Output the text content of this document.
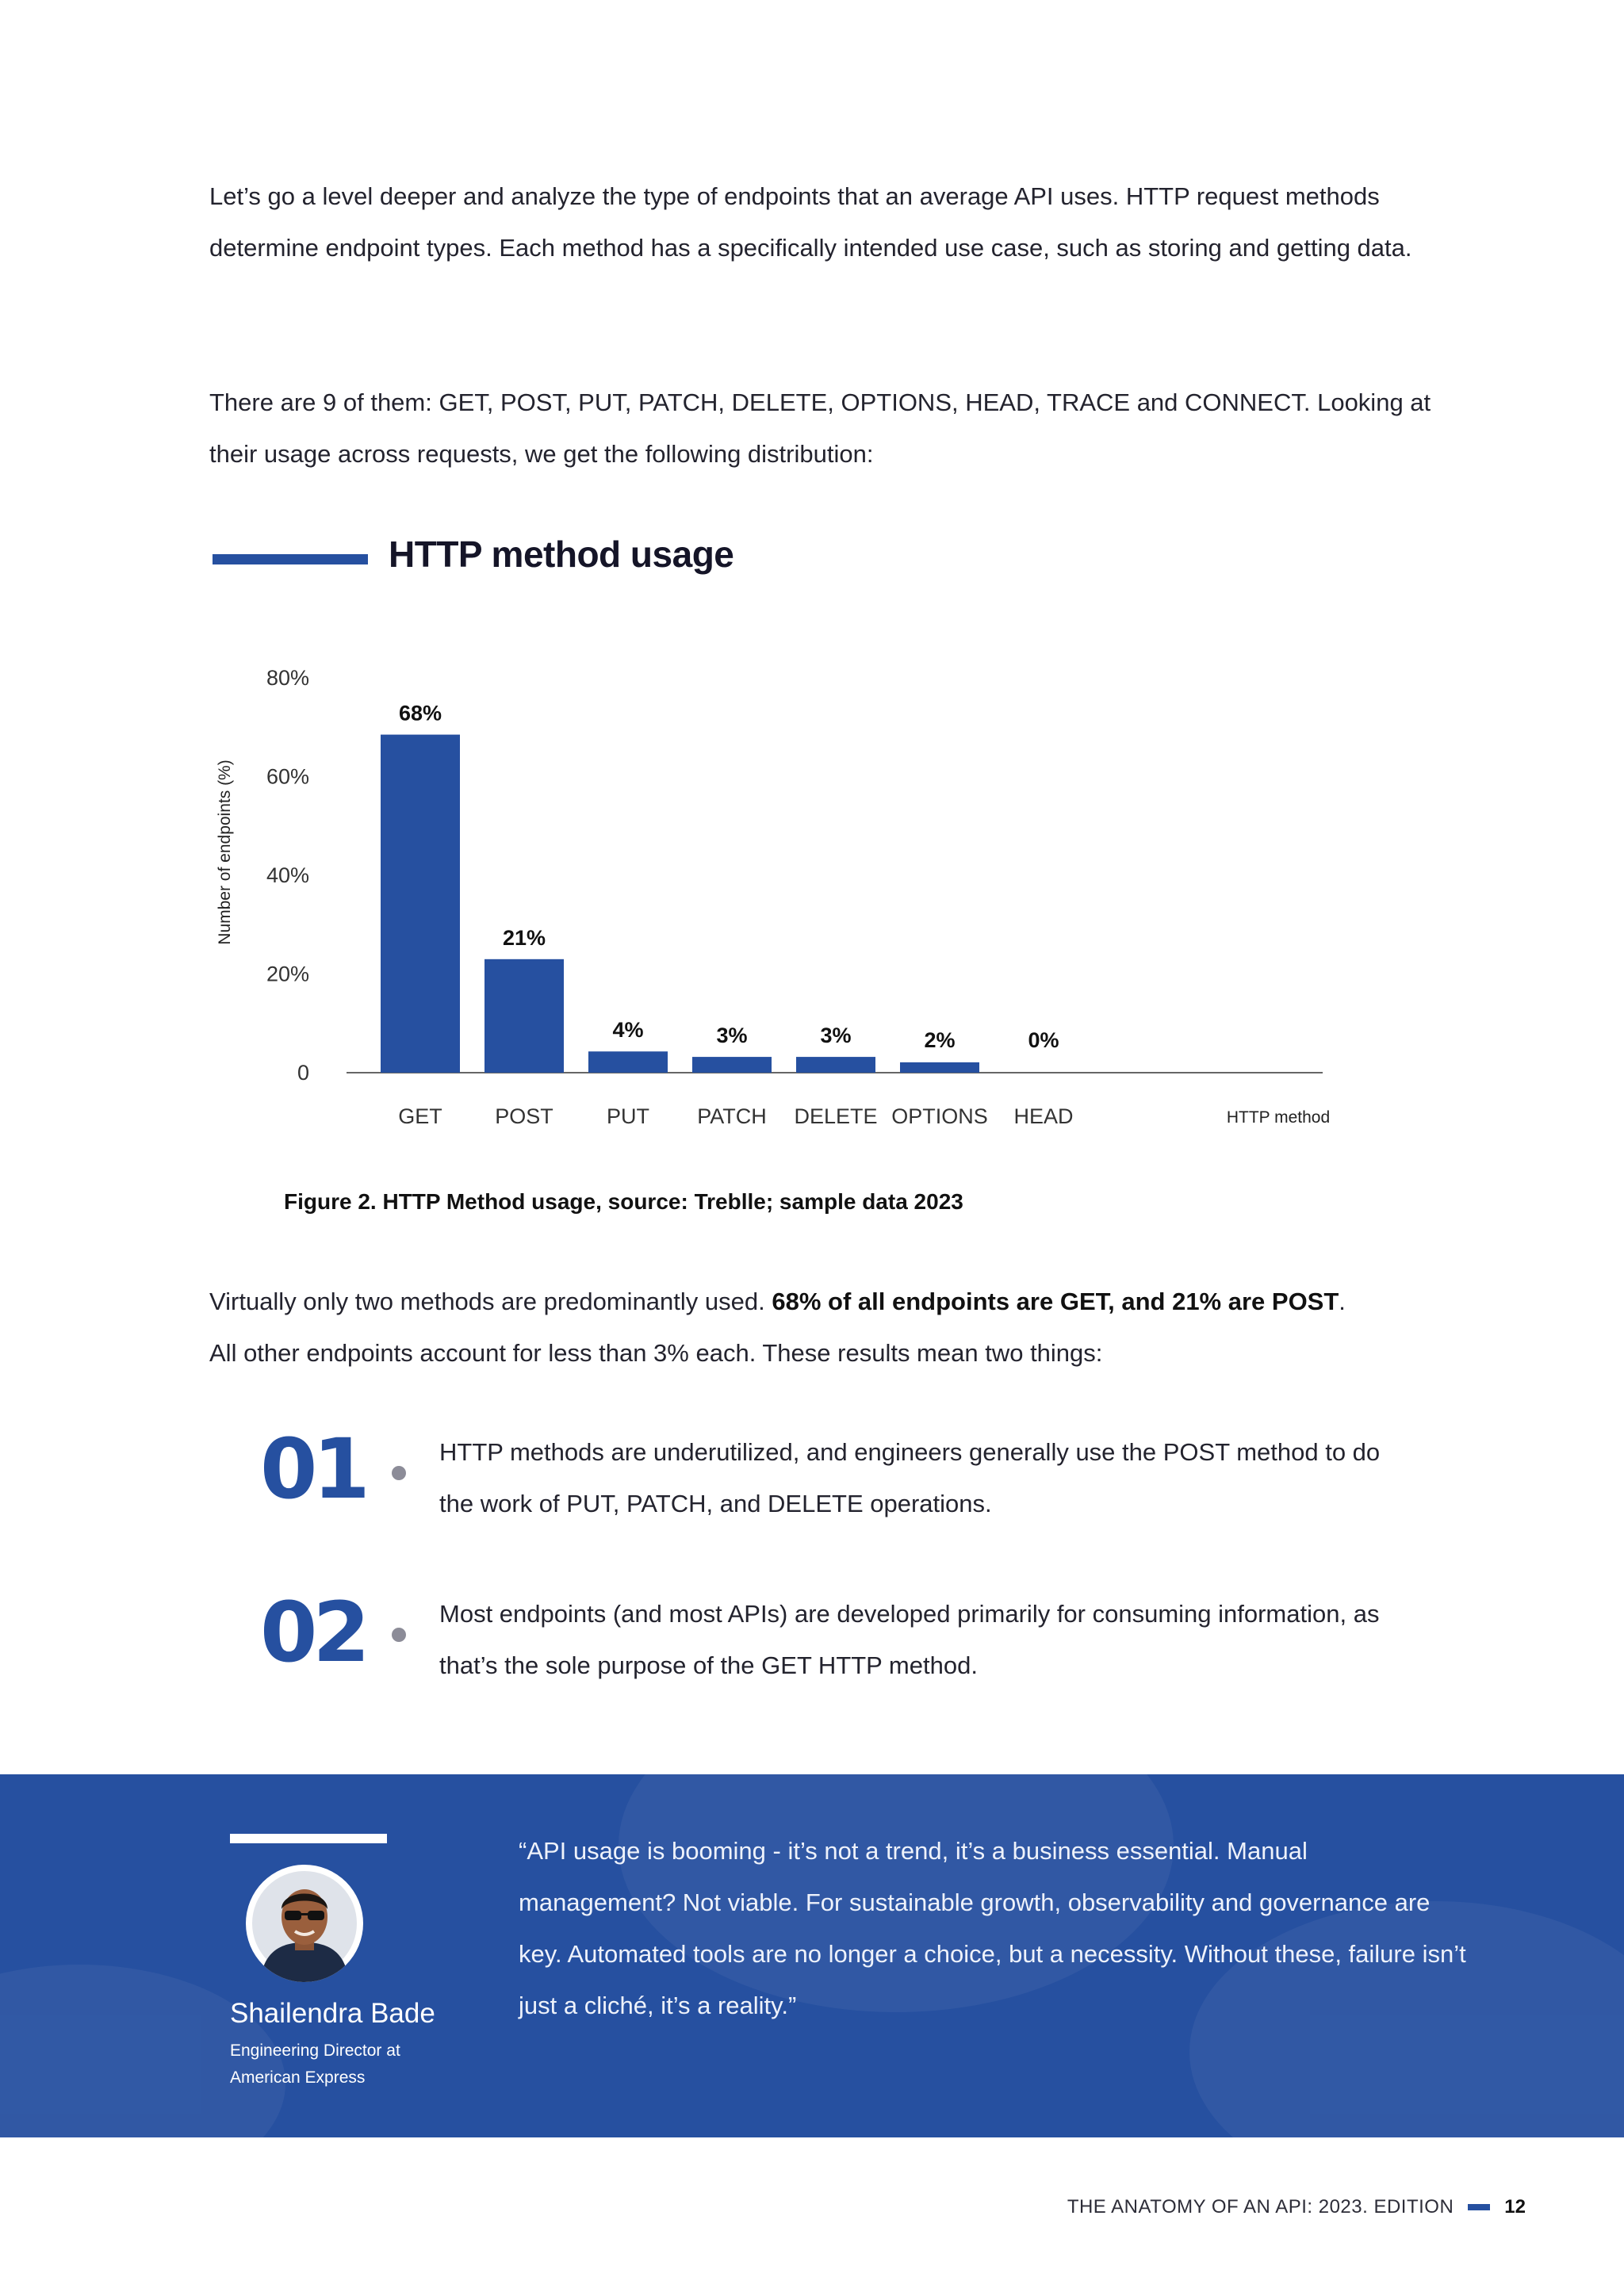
Let’s go a level deeper and analyze the type of endpoints that an average API uses. HTTP request methods determine endpoint types. Each method has a specifically intended use case, such as storing and getting data.

There are 9 of them: GET, POST, PUT, PATCH, DELETE, OPTIONS, HEAD, TRACE and CONNECT. Looking at their usage across requests, we get the following distribution:

HTTP method usage
0
20%
40%
60%
80%
Number of endpoints (%)
68%
21%
4%	3%	3%	2%	0%
GET POST PUT PATCH DELETE OPTIONS HEAD	HTTP method

Figure 2. HTTP Method usage, source: Treblle; sample data 2023

Virtually only two methods are predominantly used. 68% of all endpoints are GET, and 21% are POST.
All other endpoints account for less than 3% each. These results mean two things:

01	HTTP methods are underutilized, and engineers generally use the POST method to do the work of PUT, PATCH, and DELETE operations.

02	Most endpoints (and most APIs) are developed primarily for consuming information, as that’s the sole purpose of the GET HTTP method.

Shailendra Bade

Engineering Director at American Express

“API usage is booming - it’s not a trend, it’s a business essential. Manual management? Not viable. For sustainable growth, observability and governance are key. Automated tools are no longer a choice, but a necessity. Without these, failure isn’t just a cliché, it’s a reality.”

THE ANATOMY OF AN API: 2023. EDITION	12
